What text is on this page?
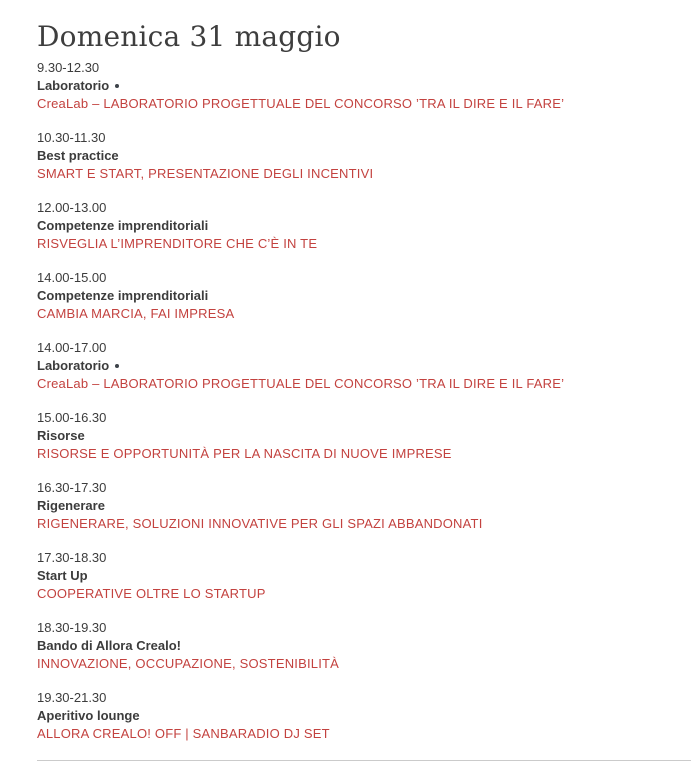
Domenica 31 maggio
9.30-12.30
Laboratorio
CreaLab – LABORATORIO PROGETTUALE DEL CONCORSO ’TRA IL DIRE E IL FARE’
10.30-11.30
Best practice
SMART E START, PRESENTAZIONE DEGLI INCENTIVI
12.00-13.00
Competenze imprenditoriali
RISVEGLIA L’IMPRENDITORE CHE C’È IN TE
14.00-15.00
Competenze imprenditoriali
CAMBIA MARCIA, FAI IMPRESA
14.00-17.00
Laboratorio
CreaLab – LABORATORIO PROGETTUALE DEL CONCORSO ’TRA IL DIRE E IL FARE’
15.00-16.30
Risorse
RISORSE E OPPORTUNITÀ PER LA NASCITA DI NUOVE IMPRESE
16.30-17.30
Rigenerare
RIGENERARE, SOLUZIONI INNOVATIVE PER GLI SPAZI ABBANDONATI
17.30-18.30
Start Up
COOPERATIVE OLTRE LO STARTUP
18.30-19.30
Bando di Allora Crealo!
INNOVAZIONE, OCCUPAZIONE, SOSTENIBILITÀ
19.30-21.30
Aperitivo lounge
ALLORA CREALO! OFF | SANBARADIO DJ SET
